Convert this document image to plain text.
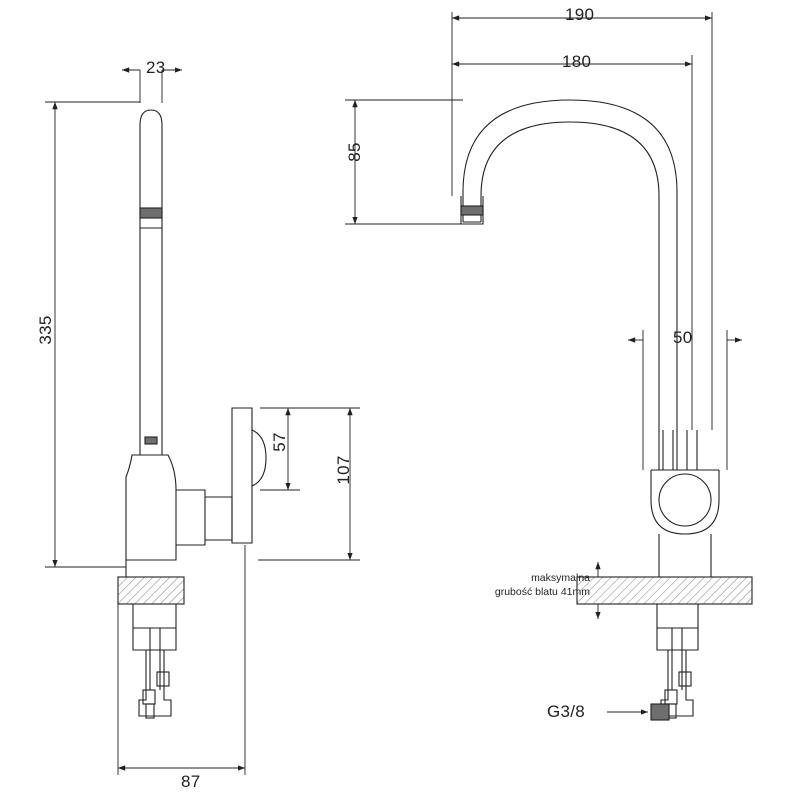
23
335
87
57
107
190
180
85
50
maksymalna
grubość blatu 41mm
G3/8
